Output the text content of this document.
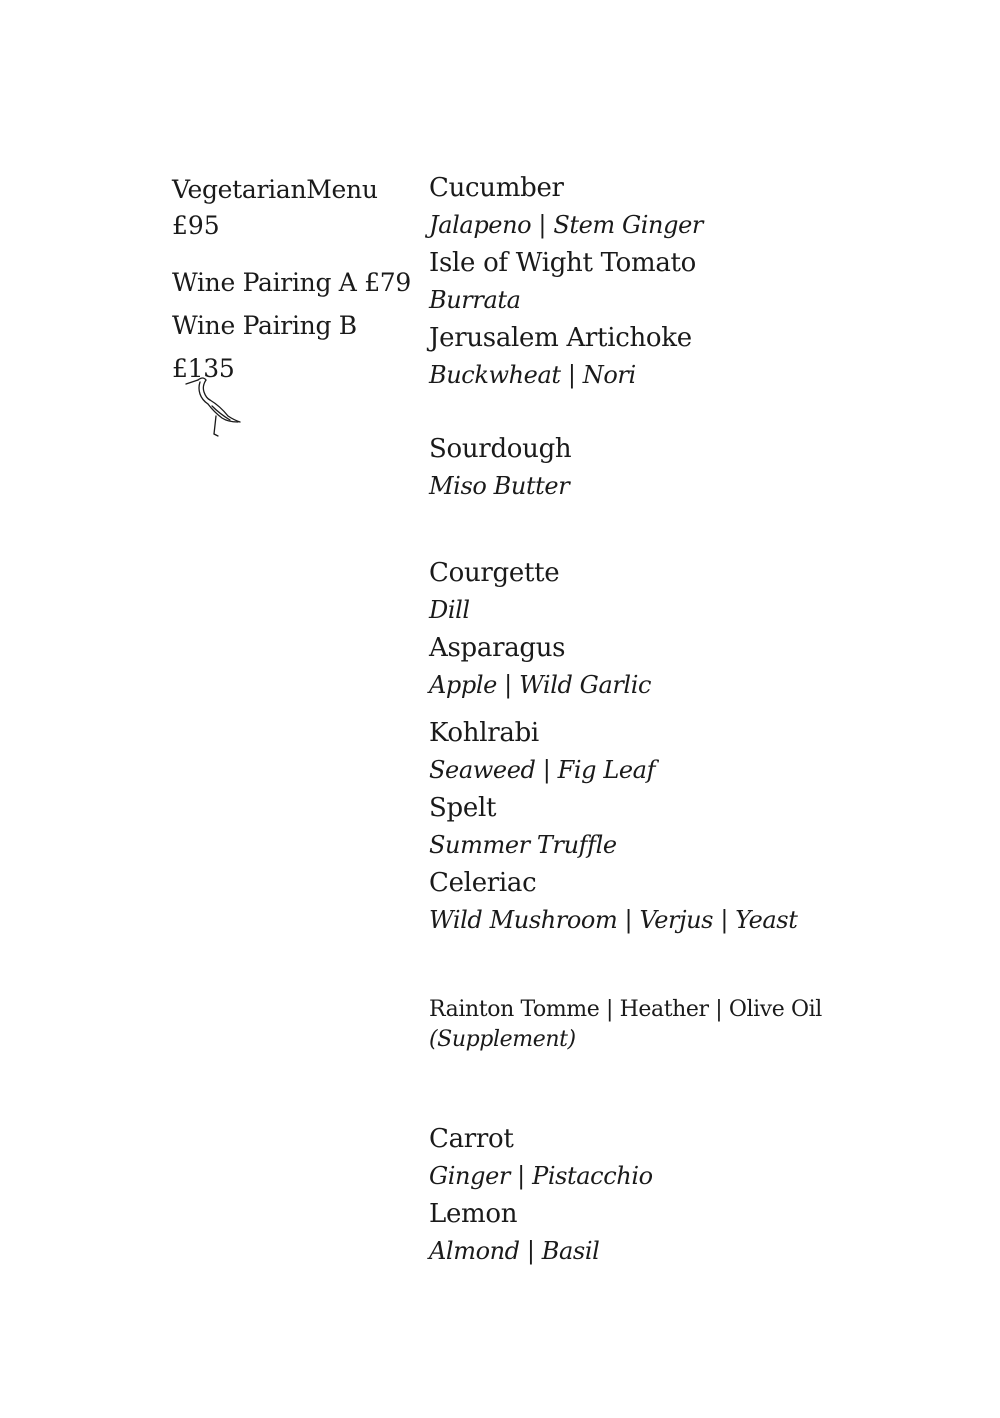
VegetarianMenu
£95
Wine Pairing A £79
Wine Pairing B £135
Cucumber
Jalapeno | Stem Ginger
Isle of Wight Tomato
Burrata
Jerusalem Artichoke
Buckwheat | Nori
Sourdough
Miso Butter
Courgette
Dill
Asparagus
Apple | Wild Garlic
Kohlrabi
Seaweed | Fig Leaf
Spelt
Summer Truffle
Celeriac
Wild Mushroom | Verjus | Yeast
Rainton Tomme | Heather | Olive Oil
(Supplement)
Carrot
Ginger | Pistacchio
Lemon
Almond | Basil
